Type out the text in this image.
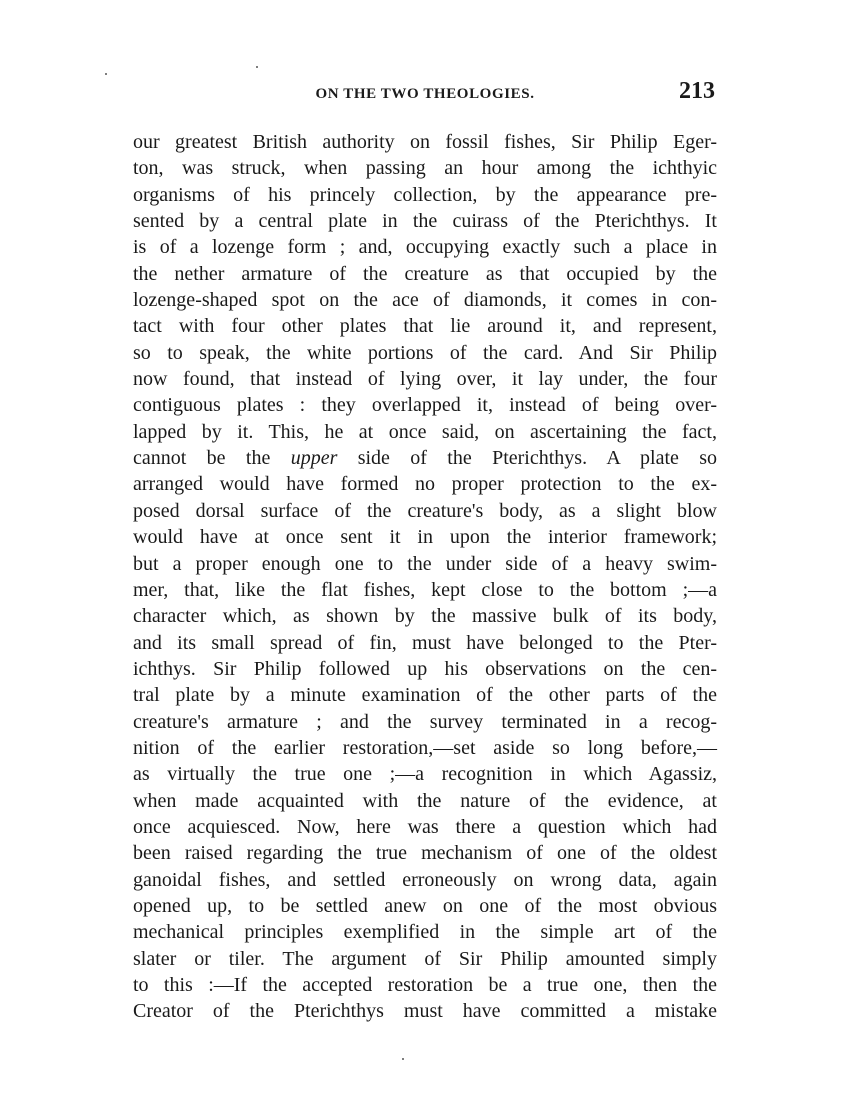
ON THE TWO THEOLOGIES.	213
our greatest British authority on fossil fishes, Sir Philip Eger-
ton, was struck, when passing an hour among the ichthyic
organisms of his princely collection, by the appearance pre-
sented by a central plate in the cuirass of the Pterichthys. It
is of a lozenge form ; and, occupying exactly such a place in
the nether armature of the creature as that occupied by the
lozenge-shaped spot on the ace of diamonds, it comes in con-
tact with four other plates that lie around it, and represent,
so to speak, the white portions of the card. And Sir Philip
now found, that instead of lying over, it lay under, the four
contiguous plates : they overlapped it, instead of being over-
lapped by it. This, he at once said, on ascertaining the fact,
cannot be the upper side of the Pterichthys. A plate so
arranged would have formed no proper protection to the ex-
posed dorsal surface of the creature's body, as a slight blow
would have at once sent it in upon the interior framework;
but a proper enough one to the under side of a heavy swim-
mer, that, like the flat fishes, kept close to the bottom ;—a
character which, as shown by the massive bulk of its body,
and its small spread of fin, must have belonged to the Pter-
ichthys. Sir Philip followed up his observations on the cen-
tral plate by a minute examination of the other parts of the
creature's armature ; and the survey terminated in a recog-
nition of the earlier restoration,—set aside so long before,—
as virtually the true one ;—a recognition in which Agassiz,
when made acquainted with the nature of the evidence, at
once acquiesced. Now, here was there a question which had
been raised regarding the true mechanism of one of the oldest
ganoidal fishes, and settled erroneously on wrong data, again
opened up, to be settled anew on one of the most obvious
mechanical principles exemplified in the simple art of the
slater or tiler. The argument of Sir Philip amounted simply
to this :—If the accepted restoration be a true one, then the
Creator of the Pterichthys must have committed a mistake
